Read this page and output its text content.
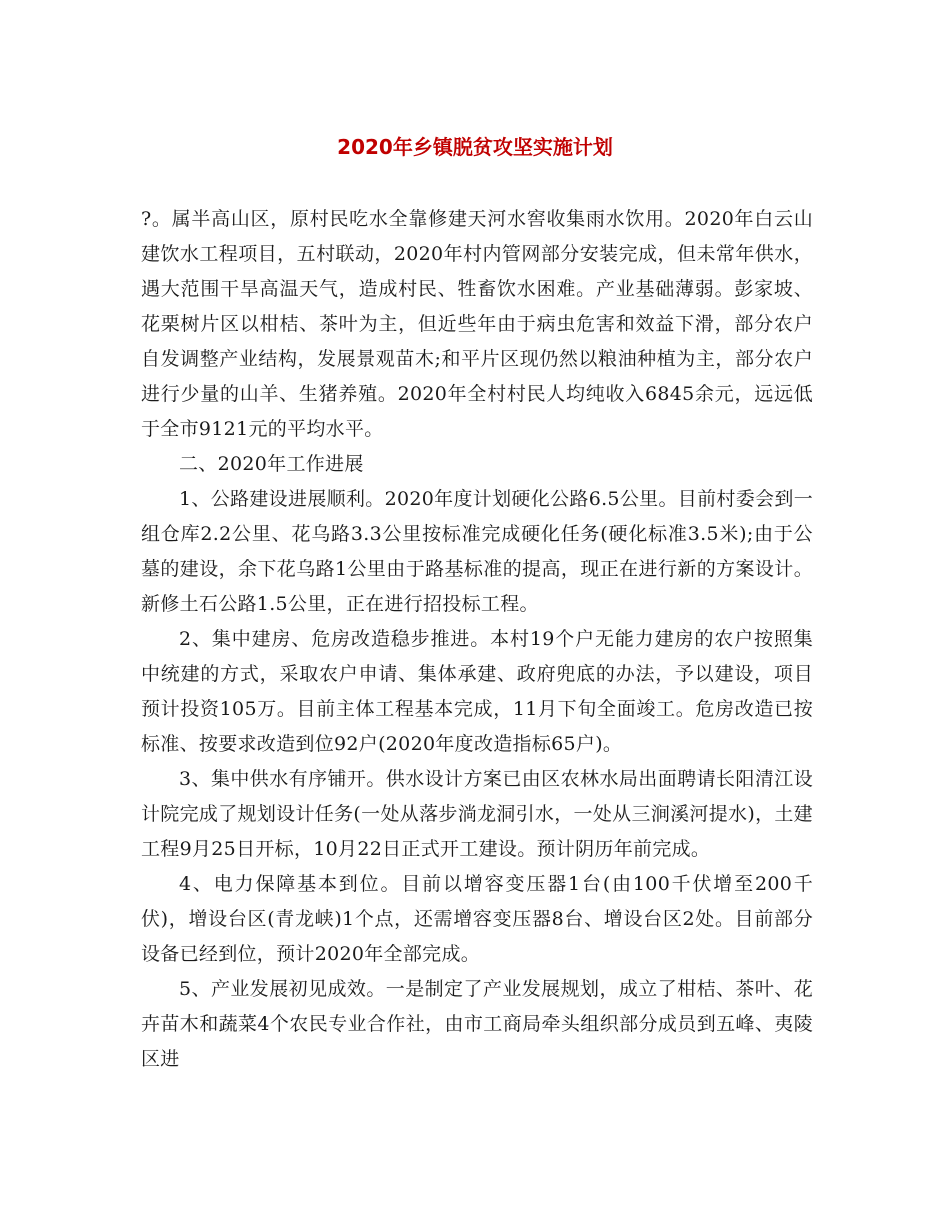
2020年乡镇脱贫攻坚实施计划

?。属半高山区，原村民吃水全靠修建天河水窖收集雨水饮用。2020年白云山建饮水工程项目，五村联动，2020年村内管网部分安装完成，但未常年供水，遇大范围干旱高温天气，造成村民、牲畜饮水困难。产业基础薄弱。彭家坡、花栗树片区以柑桔、茶叶为主，但近些年由于病虫危害和效益下滑，部分农户自发调整产业结构，发展景观苗木;和平片区现仍然以粮油种植为主，部分农户进行少量的山羊、生猪养殖。2020年全村村民人均纯收入6845余元，远远低于全市9121元的平均水平。

二、2020年工作进展

1、公路建设进展顺利。2020年度计划硬化公路6.5公里。目前村委会到一组仓库2.2公里、花乌路3.3公里按标准完成硬化任务(硬化标准3.5米);由于公墓的建设，余下花乌路1公里由于路基标准的提高，现正在进行新的方案设计。新修土石公路1.5公里，正在进行招投标工程。

2、集中建房、危房改造稳步推进。本村19个户无能力建房的农户按照集中统建的方式，采取农户申请、集体承建、政府兜底的办法，予以建设，项目预计投资105万。目前主体工程基本完成，11月下旬全面竣工。危房改造已按标准、按要求改造到位92户(2020年度改造指标65户)。

3、集中供水有序铺开。供水设计方案已由区农林水局出面聘请长阳清江设计院完成了规划设计任务(一处从落步淌龙洞引水，一处从三涧溪河提水)，土建工程9月25日开标，10月22日正式开工建设。预计阴历年前完成。

4、电力保障基本到位。目前以增容变压器1台(由100千伏增至200千伏)，增设台区(青龙峡)1个点，还需增容变压器8台、增设台区2处。目前部分设备已经到位，预计2020年全部完成。

5、产业发展初见成效。一是制定了产业发展规划，成立了柑桔、茶叶、花卉苗木和蔬菜4个农民专业合作社，由市工商局牵头组织部分成员到五峰、夷陵区进
